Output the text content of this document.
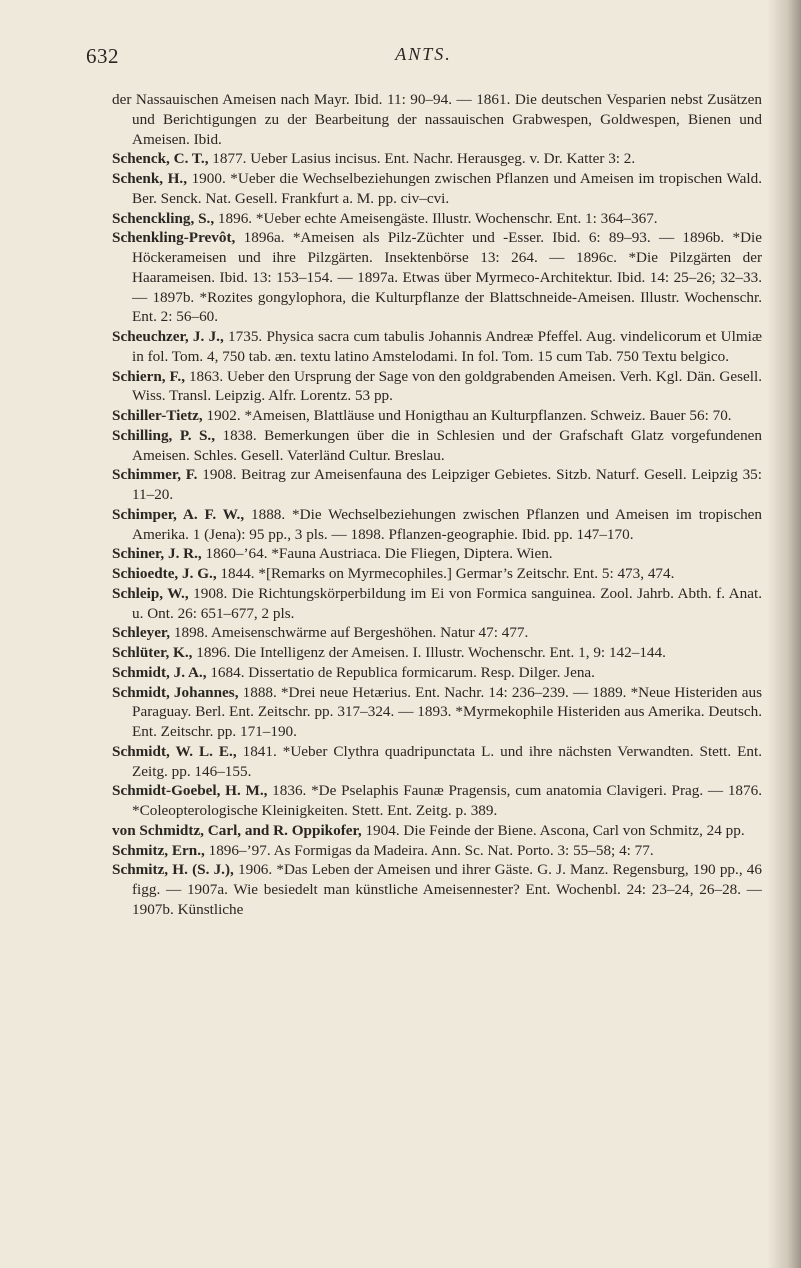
632	ANTS.

der Nassauischen Ameisen nach Mayr. Ibid. 11: 90–94. — 1861. Die deutschen Vesparien nebst Zusätzen und Berichtigungen zu der Bearbeitung der nassauischen Grabwespen, Goldwespen, Bienen und Ameisen. Ibid.

Schenck, C. T., 1877. Ueber Lasius incisus. Ent. Nachr. Herausgeg. v. Dr. Katter 3: 2.

Schenk, H., 1900. *Ueber die Wechselbeziehungen zwischen Pflanzen und Ameisen im tropischen Wald. Ber. Senck. Nat. Gesell. Frankfurt a. M. pp. civ–cvi.

Schenckling, S., 1896. *Ueber echte Ameisengäste. Illustr. Wochenschr. Ent. 1: 364–367.

Schenkling-Prevôt, 1896a. *Ameisen als Pilz-Züchter und -Esser. Ibid. 6: 89–93. — 1896b. *Die Höckerameisen und ihre Pilzgärten. Insektenbörse 13: 264. — 1896c. *Die Pilzgärten der Haarameisen. Ibid. 13: 153–154. — 1897a. Etwas über Myrmeco-Architektur. Ibid. 14: 25–26; 32–33. — 1897b. *Rozites gongylophora, die Kulturpflanze der Blattschneide-Ameisen. Illustr. Wochenschr. Ent. 2: 56–60.

Scheuchzer, J. J., 1735. Physica sacra cum tabulis Johannis Andreæ Pfeffel. Aug. vindelicorum et Ulmiæ in fol. Tom. 4, 750 tab. æn. textu latino Amstelodami. In fol. Tom. 15 cum Tab. 750 Textu belgico.

Schiern, F., 1863. Ueber den Ursprung der Sage von den goldgrabenden Ameisen. Verh. Kgl. Dän. Gesell. Wiss. Transl. Leipzig. Alfr. Lorentz. 53 pp.

Schiller-Tietz, 1902. *Ameisen, Blattläuse und Honigthau an Kulturpflanzen. Schweiz. Bauer 56: 70.

Schilling, P. S., 1838. Bemerkungen über die in Schlesien und der Grafschaft Glatz vorgefundenen Ameisen. Schles. Gesell. Vaterländ Cultur. Breslau.

Schimmer, F. 1908. Beitrag zur Ameisenfauna des Leipziger Gebietes. Sitzb. Naturf. Gesell. Leipzig 35: 11–20.

Schimper, A. F. W., 1888. *Die Wechselbeziehungen zwischen Pflanzen und Ameisen im tropischen Amerika. 1 (Jena): 95 pp., 3 pls. — 1898. Pflanzen-geographie. Ibid. pp. 147–170.

Schiner, J. R., 1860–’64. *Fauna Austriaca. Die Fliegen, Diptera. Wien.

Schioedte, J. G., 1844. *[Remarks on Myrmecophiles.] Germar’s Zeitschr. Ent. 5: 473, 474.

Schleip, W., 1908. Die Richtungskörperbildung im Ei von Formica sanguinea. Zool. Jahrb. Abth. f. Anat. u. Ont. 26: 651–677, 2 pls.

Schleyer, 1898. Ameisenschwärme auf Bergeshöhen. Natur 47: 477.

Schlüter, K., 1896. Die Intelligenz der Ameisen. I. Illustr. Wochenschr. Ent. 1, 9: 142–144.

Schmidt, J. A., 1684. Dissertatio de Republica formicarum. Resp. Dilger. Jena.

Schmidt, Johannes, 1888. *Drei neue Hetærius. Ent. Nachr. 14: 236–239. — 1889. *Neue Histeriden aus Paraguay. Berl. Ent. Zeitschr. pp. 317–324. — 1893. *Myrmekophile Histeriden aus Amerika. Deutsch. Ent. Zeitschr. pp. 171–190.

Schmidt, W. L. E., 1841. *Ueber Clythra quadripunctata L. und ihre nächsten Verwandten. Stett. Ent. Zeitg. pp. 146–155.

Schmidt-Goebel, H. M., 1836. *De Pselaphis Faunæ Pragensis, cum anatomia Clavigeri. Prag. — 1876. *Coleopterologische Kleinigkeiten. Stett. Ent. Zeitg. p. 389.

von Schmidtz, Carl, and R. Oppikofer, 1904. Die Feinde der Biene. Ascona, Carl von Schmitz, 24 pp.

Schmitz, Ern., 1896–’97. As Formigas da Madeira. Ann. Sc. Nat. Porto. 3: 55–58; 4: 77.

Schmitz, H. (S. J.), 1906. *Das Leben der Ameisen und ihrer Gäste. G. J. Manz. Regensburg, 190 pp., 46 figg. — 1907a. Wie besiedelt man künstliche Ameisennester? Ent. Wochenbl. 24: 23–24, 26–28. — 1907b. Künstliche
